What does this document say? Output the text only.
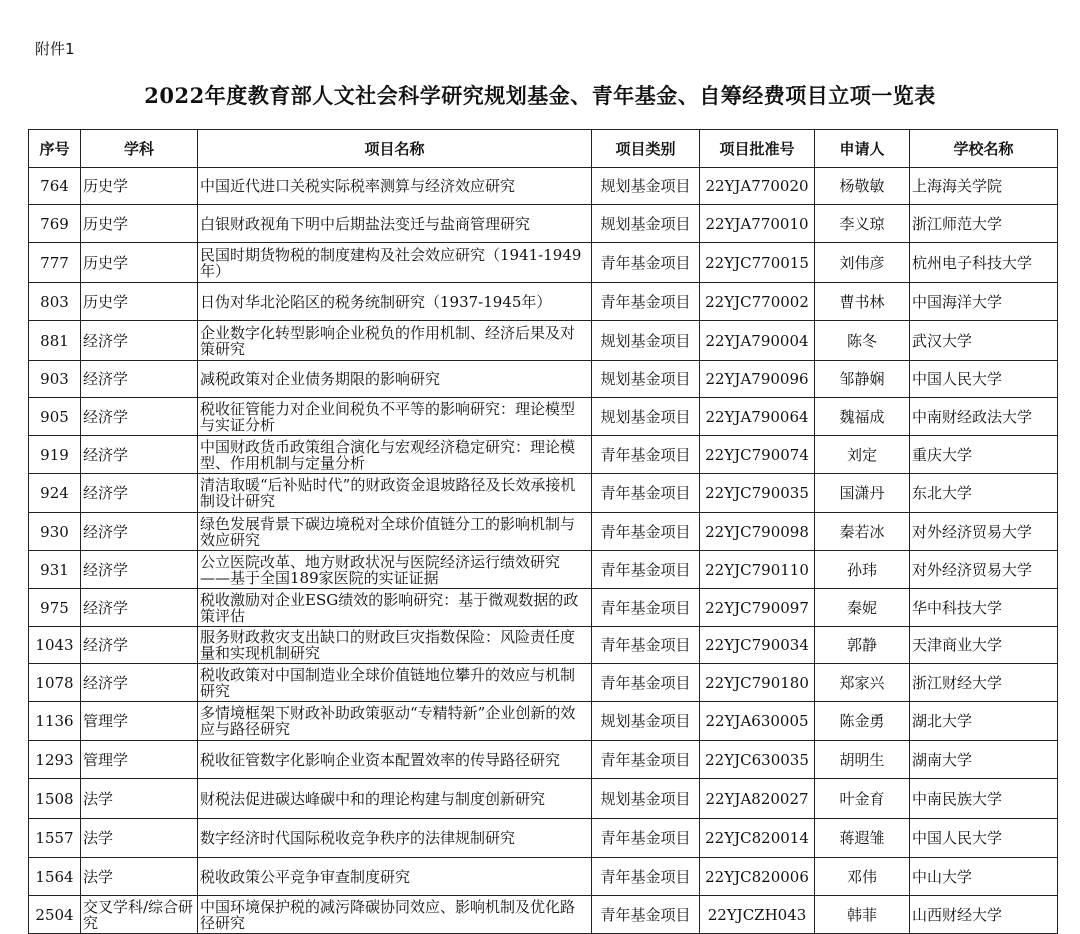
附件1
2022年度教育部人文社会科学研究规划基金、青年基金、自筹经费项目立项一览表
序号	学科	项目名称	项目类别	项目批准号	申请人	学校名称
764	历史学	中国近代进口关税实际税率测算与经济效应研究	规划基金项目	22YJA770020	杨敬敏	上海海关学院
769	历史学	白银财政视角下明中后期盐法变迁与盐商管理研究	规划基金项目	22YJA770010	李义琼	浙江师范大学
777	历史学	民国时期货物税的制度建构及社会效应研究（1941-1949年）	青年基金项目	22YJC770015	刘伟彦	杭州电子科技大学
803	历史学	日伪对华北沦陷区的税务统制研究（1937-1945年）	青年基金项目	22YJC770002	曹书林	中国海洋大学
881	经济学	企业数字化转型影响企业税负的作用机制、经济后果及对策研究	规划基金项目	22YJA790004	陈冬	武汉大学
903	经济学	减税政策对企业债务期限的影响研究	规划基金项目	22YJA790096	邹静娴	中国人民大学
905	经济学	税收征管能力对企业间税负不平等的影响研究：理论模型与实证分析	规划基金项目	22YJA790064	魏福成	中南财经政法大学
919	经济学	中国财政货币政策组合演化与宏观经济稳定研究：理论模型、作用机制与定量分析	青年基金项目	22YJC790074	刘定	重庆大学
924	经济学	清洁取暖“后补贴时代”的财政资金退坡路径及长效承接机制设计研究	青年基金项目	22YJC790035	国潇丹	东北大学
930	经济学	绿色发展背景下碳边境税对全球价值链分工的影响机制与效应研究	青年基金项目	22YJC790098	秦若冰	对外经济贸易大学
931	经济学	公立医院改革、地方财政状况与医院经济运行绩效研究——基于全国189家医院的实证证据	青年基金项目	22YJC790110	孙玮	对外经济贸易大学
975	经济学	税收激励对企业ESG绩效的影响研究：基于微观数据的政策评估	青年基金项目	22YJC790097	秦妮	华中科技大学
1043	经济学	服务财政救灾支出缺口的财政巨灾指数保险：风险责任度量和实现机制研究	青年基金项目	22YJC790034	郭静	天津商业大学
1078	经济学	税收政策对中国制造业全球价值链地位攀升的效应与机制研究	青年基金项目	22YJC790180	郑家兴	浙江财经大学
1136	管理学	多情境框架下财政补助政策驱动“专精特新”企业创新的效应与路径研究	规划基金项目	22YJA630005	陈金勇	湖北大学
1293	管理学	税收征管数字化影响企业资本配置效率的传导路径研究	青年基金项目	22YJC630035	胡明生	湖南大学
1508	法学	财税法促进碳达峰碳中和的理论构建与制度创新研究	规划基金项目	22YJA820027	叶金育	中南民族大学
1557	法学	数字经济时代国际税收竞争秩序的法律规制研究	青年基金项目	22YJC820014	蒋遐雏	中国人民大学
1564	法学	税收政策公平竞争审查制度研究	青年基金项目	22YJC820006	邓伟	中山大学
2504	交叉学科/综合研究	中国环境保护税的减污降碳协同效应、影响机制及优化路径研究	青年基金项目	22YJCZH043	韩菲	山西财经大学
